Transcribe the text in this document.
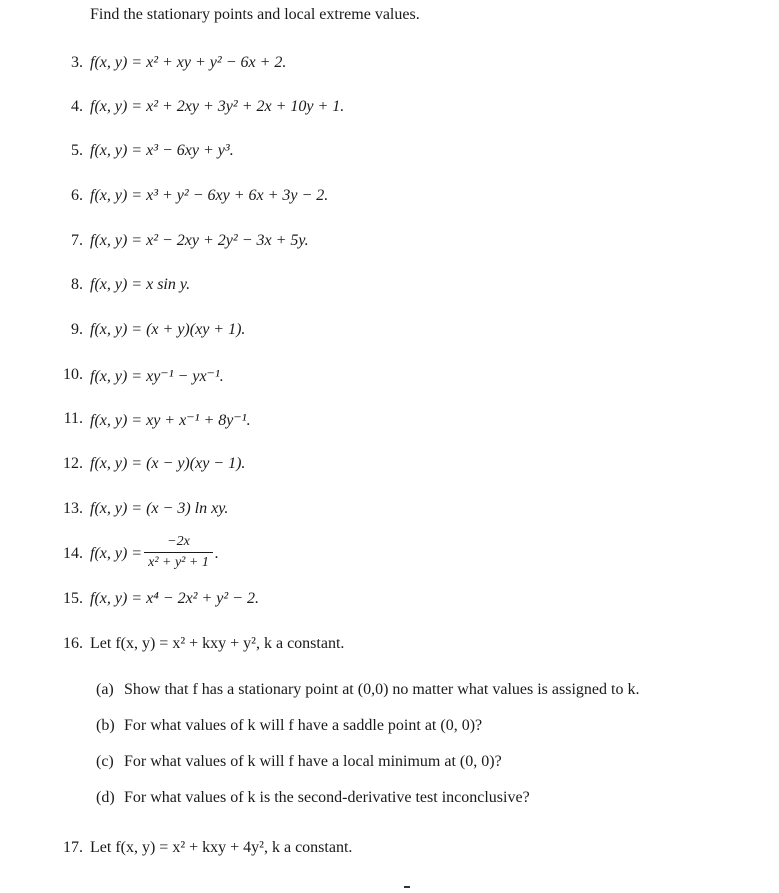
Find the stationary points and local extreme values.
3. f(x, y) = x² + xy + y² − 6x + 2.
4. f(x, y) = x² + 2xy + 3y² + 2x + 10y + 1.
5. f(x, y) = x³ − 6xy + y³.
6. f(x, y) = x³ + y² − 6xy + 6x + 3y − 2.
7. f(x, y) = x² − 2xy + 2y² − 3x + 5y.
8. f(x, y) = x sin y.
9. f(x, y) = (x + y)(xy + 1).
10. f(x, y) = xy⁻¹ − yx⁻¹.
11. f(x, y) = xy + x⁻¹ + 8y⁻¹.
12. f(x, y) = (x − y)(xy − 1).
13. f(x, y) = (x − 3) ln xy.
14. f(x, $y) = \frac{-2x}{\text{x² + y² + 1}}$ .
15. f(x, y) = x⁴ − 2x² + y² − 2.
16. Let f(x, y) = x² + kxy + y², k a constant.
(a) Show that f has a stationary point at (0,0) no matter what values is assigned to k.
(b) For what values of k will f have a saddle point at (0, 0)?
(c) For what values of k will f have a local minimum at (0, 0)?
(d) For what values of k is the second-derivative test inconclusive?
17. Let f(x, y) = x² + kxy + 4y², k a constant.
